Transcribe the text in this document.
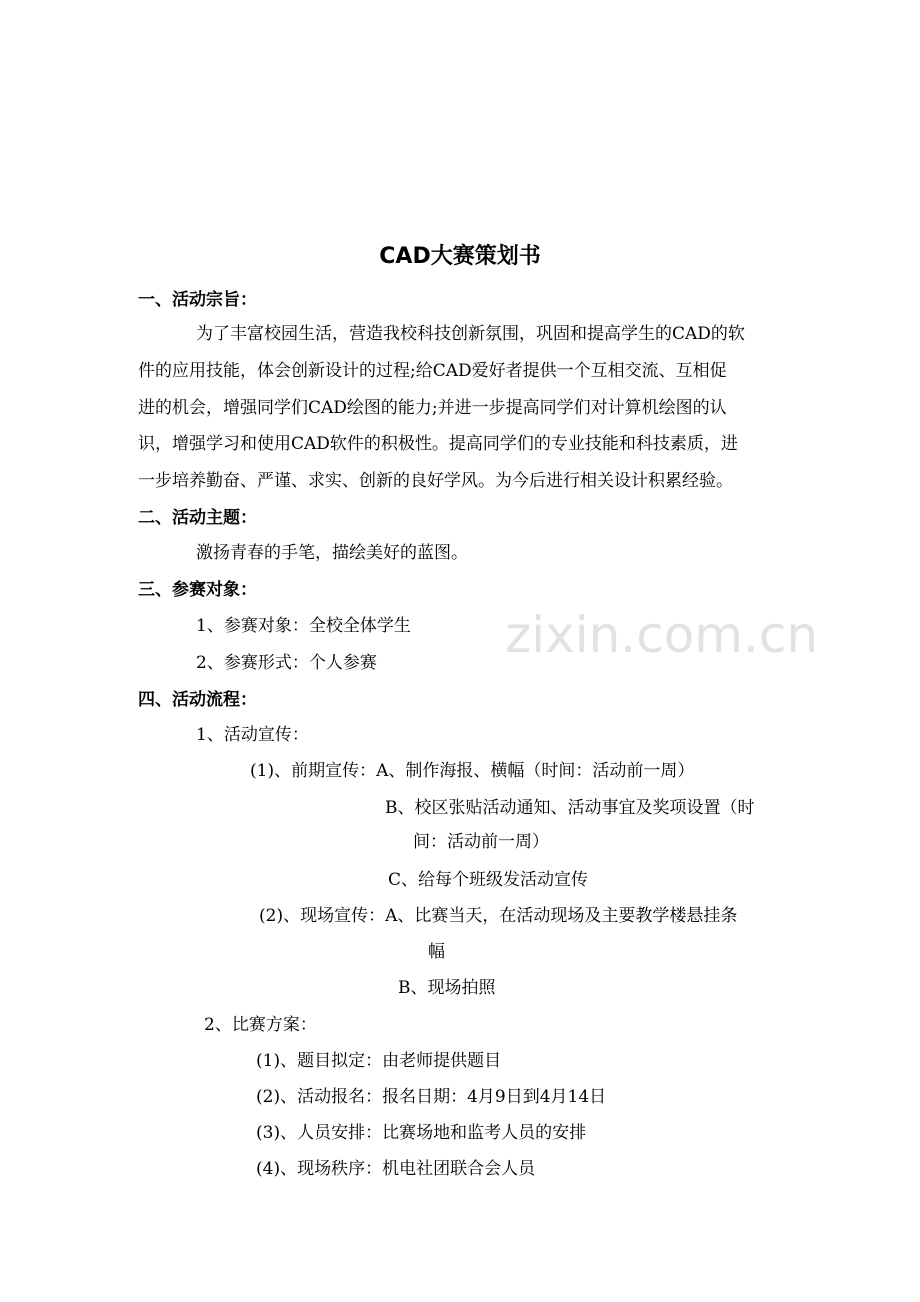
CAD大赛策划书
一、活动宗旨：
为了丰富校园生活，营造我校科技创新氛围，巩固和提高学生的CAD的软
件的应用技能，体会创新设计的过程;给CAD爱好者提供一个互相交流、互相促
进的机会，增强同学们CAD绘图的能力;并进一步提高同学们对计算机绘图的认
识，增强学习和使用CAD软件的积极性。提高同学们的专业技能和科技素质，进
一步培养勤奋、严谨、求实、创新的良好学风。为今后进行相关设计积累经验。
二、活动主题：
激扬青春的手笔，描绘美好的蓝图。
三、参赛对象：
1、参赛对象：全校全体学生
2、参赛形式：个人参赛
四、活动流程：
1、活动宣传：
(1)、前期宣传：A、制作海报、横幅（时间：活动前一周）
B、校区张贴活动通知、活动事宜及奖项设置（时
间：活动前一周）
C、给每个班级发活动宣传
(2)、现场宣传：A、比赛当天，在活动现场及主要教学楼悬挂条
幅
B、现场拍照
2、比赛方案：
(1)、题目拟定：由老师提供题目
(2)、活动报名：报名日期：4月9日到4月14日
(3)、人员安排：比赛场地和监考人员的安排
(4)、现场秩序：机电社团联合会人员
zixin.com.cn
